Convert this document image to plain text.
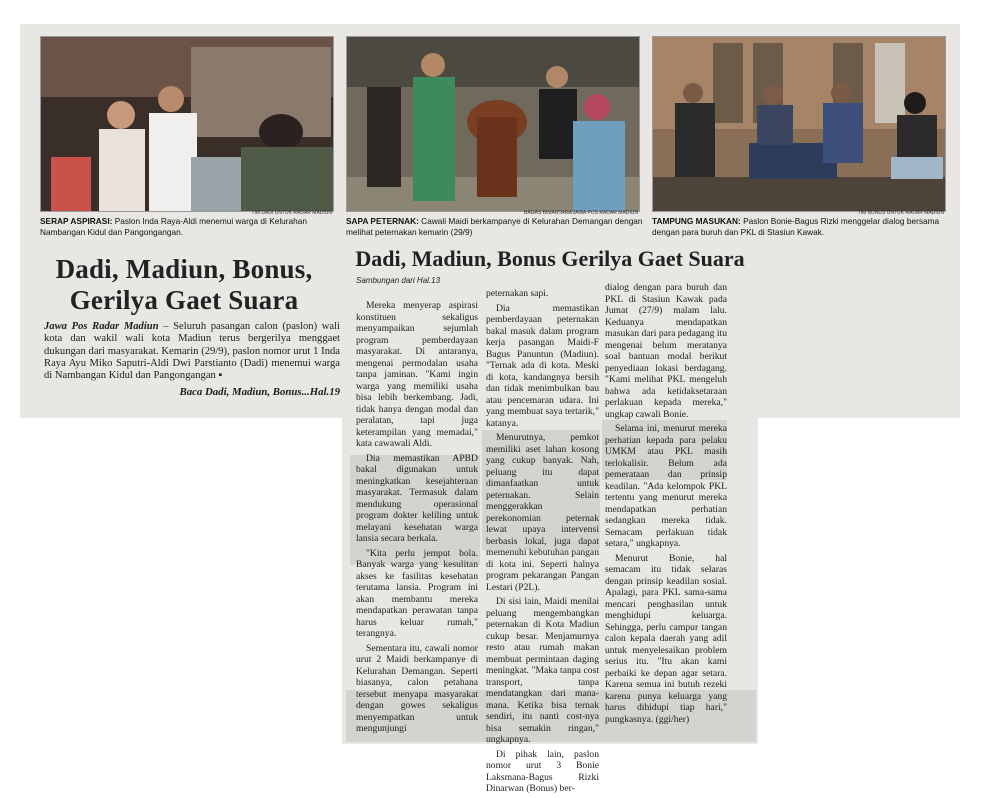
TIM DADI UNTUK RADAR MADIUN
SERAP ASPIRASI: Paslon Inda Raya-Aldi menemui warga di Kelurahan Nambangan Kidul dan Pangongangan.
BAGAS BIMANTARA/JAWA POS RADAR MADIUN
SAPA PETERNAK: Cawali Maidi berkampanye di Kelurahan Demangan dengan melihat peternakan kemarin (29/9)
TIM BONUS UNTUK RADAR MADIUN
TAMPUNG MASUKAN: Paslon Bonie-Bagus Rizki menggelar dialog bersama dengan para buruh dan PKL di Stasiun Kawak.
Dadi, Madiun, Bonus, Gerilya Gaet Suara
Jawa Pos Radar Madiun – Seluruh pasangan calon (paslon) wali kota dan wakil wali kota Madiun terus bergerilya menggaet dukungan dari masyarakat. Kemarin (29/9), paslon nomor urut 1 Inda Raya Ayu Miko Saputri-Aldi Dwi Parstianto (Dadi) menemui warga di Nambangan Kidul dan Pangongangan ▪
Baca Dadi, Madiun, Bonus...Hal.19
Dadi, Madiun, Bonus Gerilya Gaet Suara
Sambungan dari Hal.13

Mereka menyerap aspirasi konstituen sekaligus menyampaikan sejumlah program pemberdayaan masyarakat. Di antaranya, mengenai permodalan usaha tanpa jaminan. "Kami ingin warga yang memiliki usaha bisa lebih berkembang. Jadi, tidak hanya dengan modal dan peralatan, tapi juga keterampilan yang memadai," kata cawawali Aldi.

Dia memastikan APBD bakal digunakan untuk meningkatkan kesejahteraan masyarakat. Termasuk dalam mendukung operasional program dokter keliling untuk melayani kesehatan warga lansia secara berkala.

"Kita perlu jemput bola. Banyak warga yang kesulitan akses ke fasilitas kesehatan terutama lansia. Program ini akan membantu mereka mendapatkan perawatan tanpa harus keluar rumah," terangnya.

Sementara itu, cawali nomor urut 2 Maidi berkampanye di Kelurahan Demangan. Seperti biasanya, calon petahana tersebut menyapa masyarakat dengan gowes sekaligus menyempatkan untuk mengunjungi

peternakan sapi.

Dia memastikan pemberdayaan peternakan bakal masuk dalam program kerja pasangan Maidi-F Bagus Panuntun (Madiun). "Ternak ada di kota. Meski di kota, kandangnya bersih dan tidak menimbulkan bau atau pencemaran udara. Ini yang membuat saya tertarik," katanya.

Menurutnya, pemkot memiliki aset lahan kosong yang cukup banyak. Nah, peluang itu dapat dimanfaatkan untuk peternakan. Selain menggerakkan perekonomian peternak lewat upaya intervensi berbasis lokal, juga dapat memenuhi kebutuhan pangan di kota ini. Seperti halnya program pekarangan Pangan Lestari (P2L).

Di sisi lain, Maidi menilai peluang mengembangkan peternakan di Kota Madiun cukup besar. Menjamurnya resto atau rumah makan membuat permintaan daging meningkat. "Maka tanpa cost transport, tanpa mendatangkan dari mana-mana. Ketika bisa ternak sendiri, itu nanti cost-nya bisa semakin ringan," ungkapnya.

Di pihak lain, paslon nomor urut 3 Bonie Laksmana-Bagus Rizki Dinarwan (Bonus) ber-

dialog dengan para buruh dan PKL di Stasiun Kawak pada Jumat (27/9) malam lalu. Keduanya mendapatkan masukan dari para pedagang itu mengenai belum meratanya soal bantuan modal berikut penyediaan lokasi berdagang. "Kami melihat PKL mengeluh bahwa ada ketidaksetaraan perlakuan kepada mereka," ungkap cawali Bonie.

Selama ini, menurut mereka perhatian kepada para pelaku UMKM atau PKL masih terlokalisir. Belum ada pemerataan dan prinsip keadilan. "Ada kelompok PKL tertentu yang menurut mereka mendapatkan perhatian sedangkan mereka tidak. Semacam perlakuan tidak setara," ungkapnya.

Menurut Bonie, hal semacam itu tidak selaras dengan prinsip keadilan sosial. Apalagi, para PKL sama-sama mencari penghasilan untuk menghidupi keluarga. Sehingga, perlu campur tangan calon kepala daerah yang adil untuk menyelesaikan problem serius itu. "Itu akan kami perbaiki ke depan agar setara. Karena semua ini butuh rezeki karena punya keluarga yang harus dihidupi tiap hari," pungkasnya. (ggi/her)
